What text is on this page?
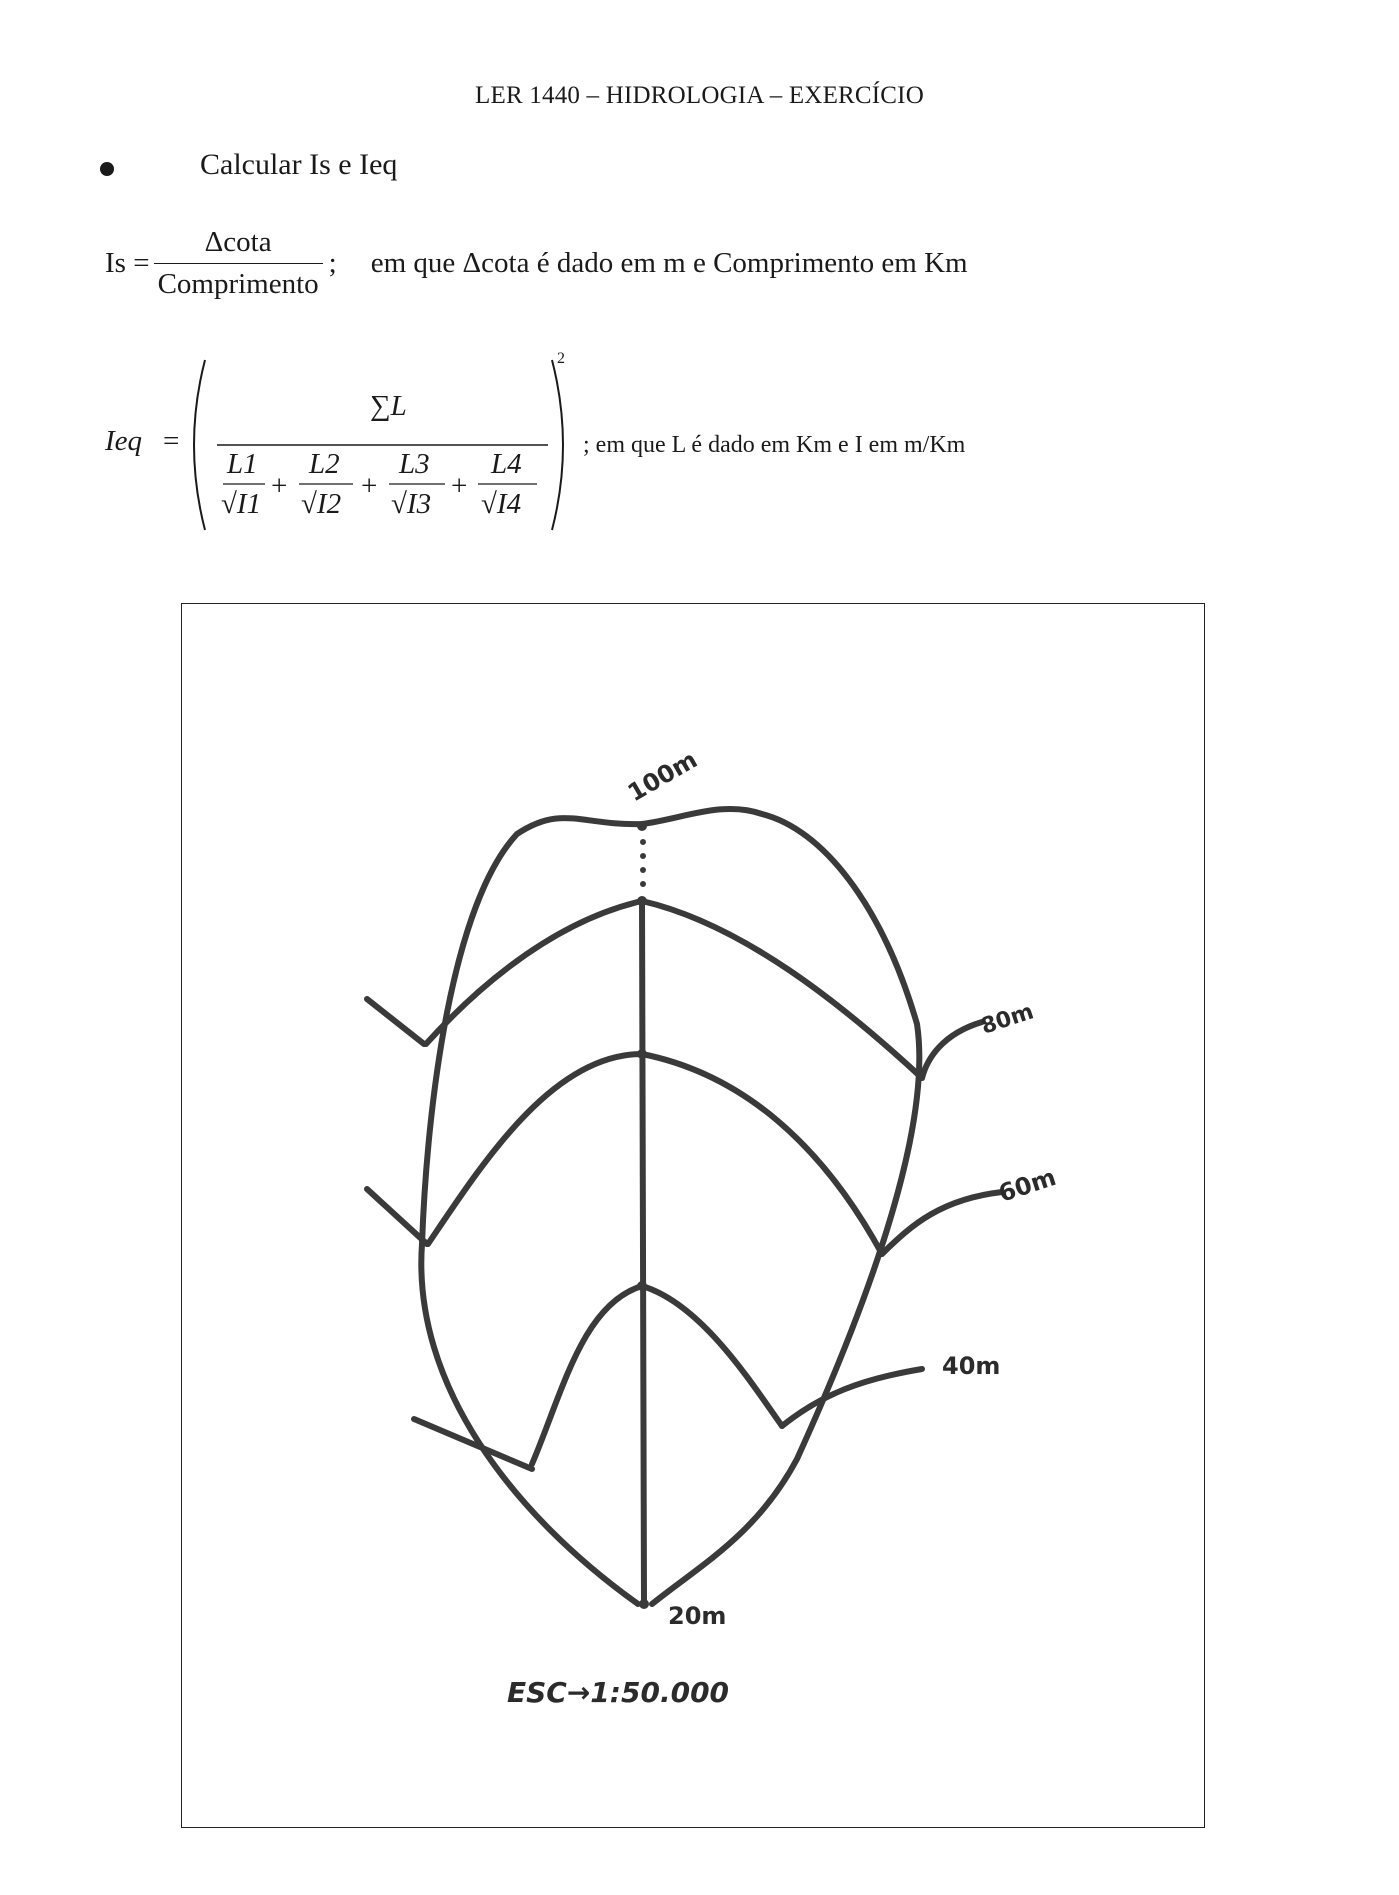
LER 1440 – HIDROLOGIA – EXERCÍCIO
Calcular Is e Ieq
$Is = \frac{\Delta\cot a}{\text{Comprimento}}$ ; em que Δcota é dado em m e Comprimento em Km
Ieq =
∑L
L1
√I1
+
L2
√I2
+
L3
√I3
+
L4
√I4
2
; em que L é dado em Km e I em m/Km
100m
80m
60m
40m
20m
ESC→1:50.000
